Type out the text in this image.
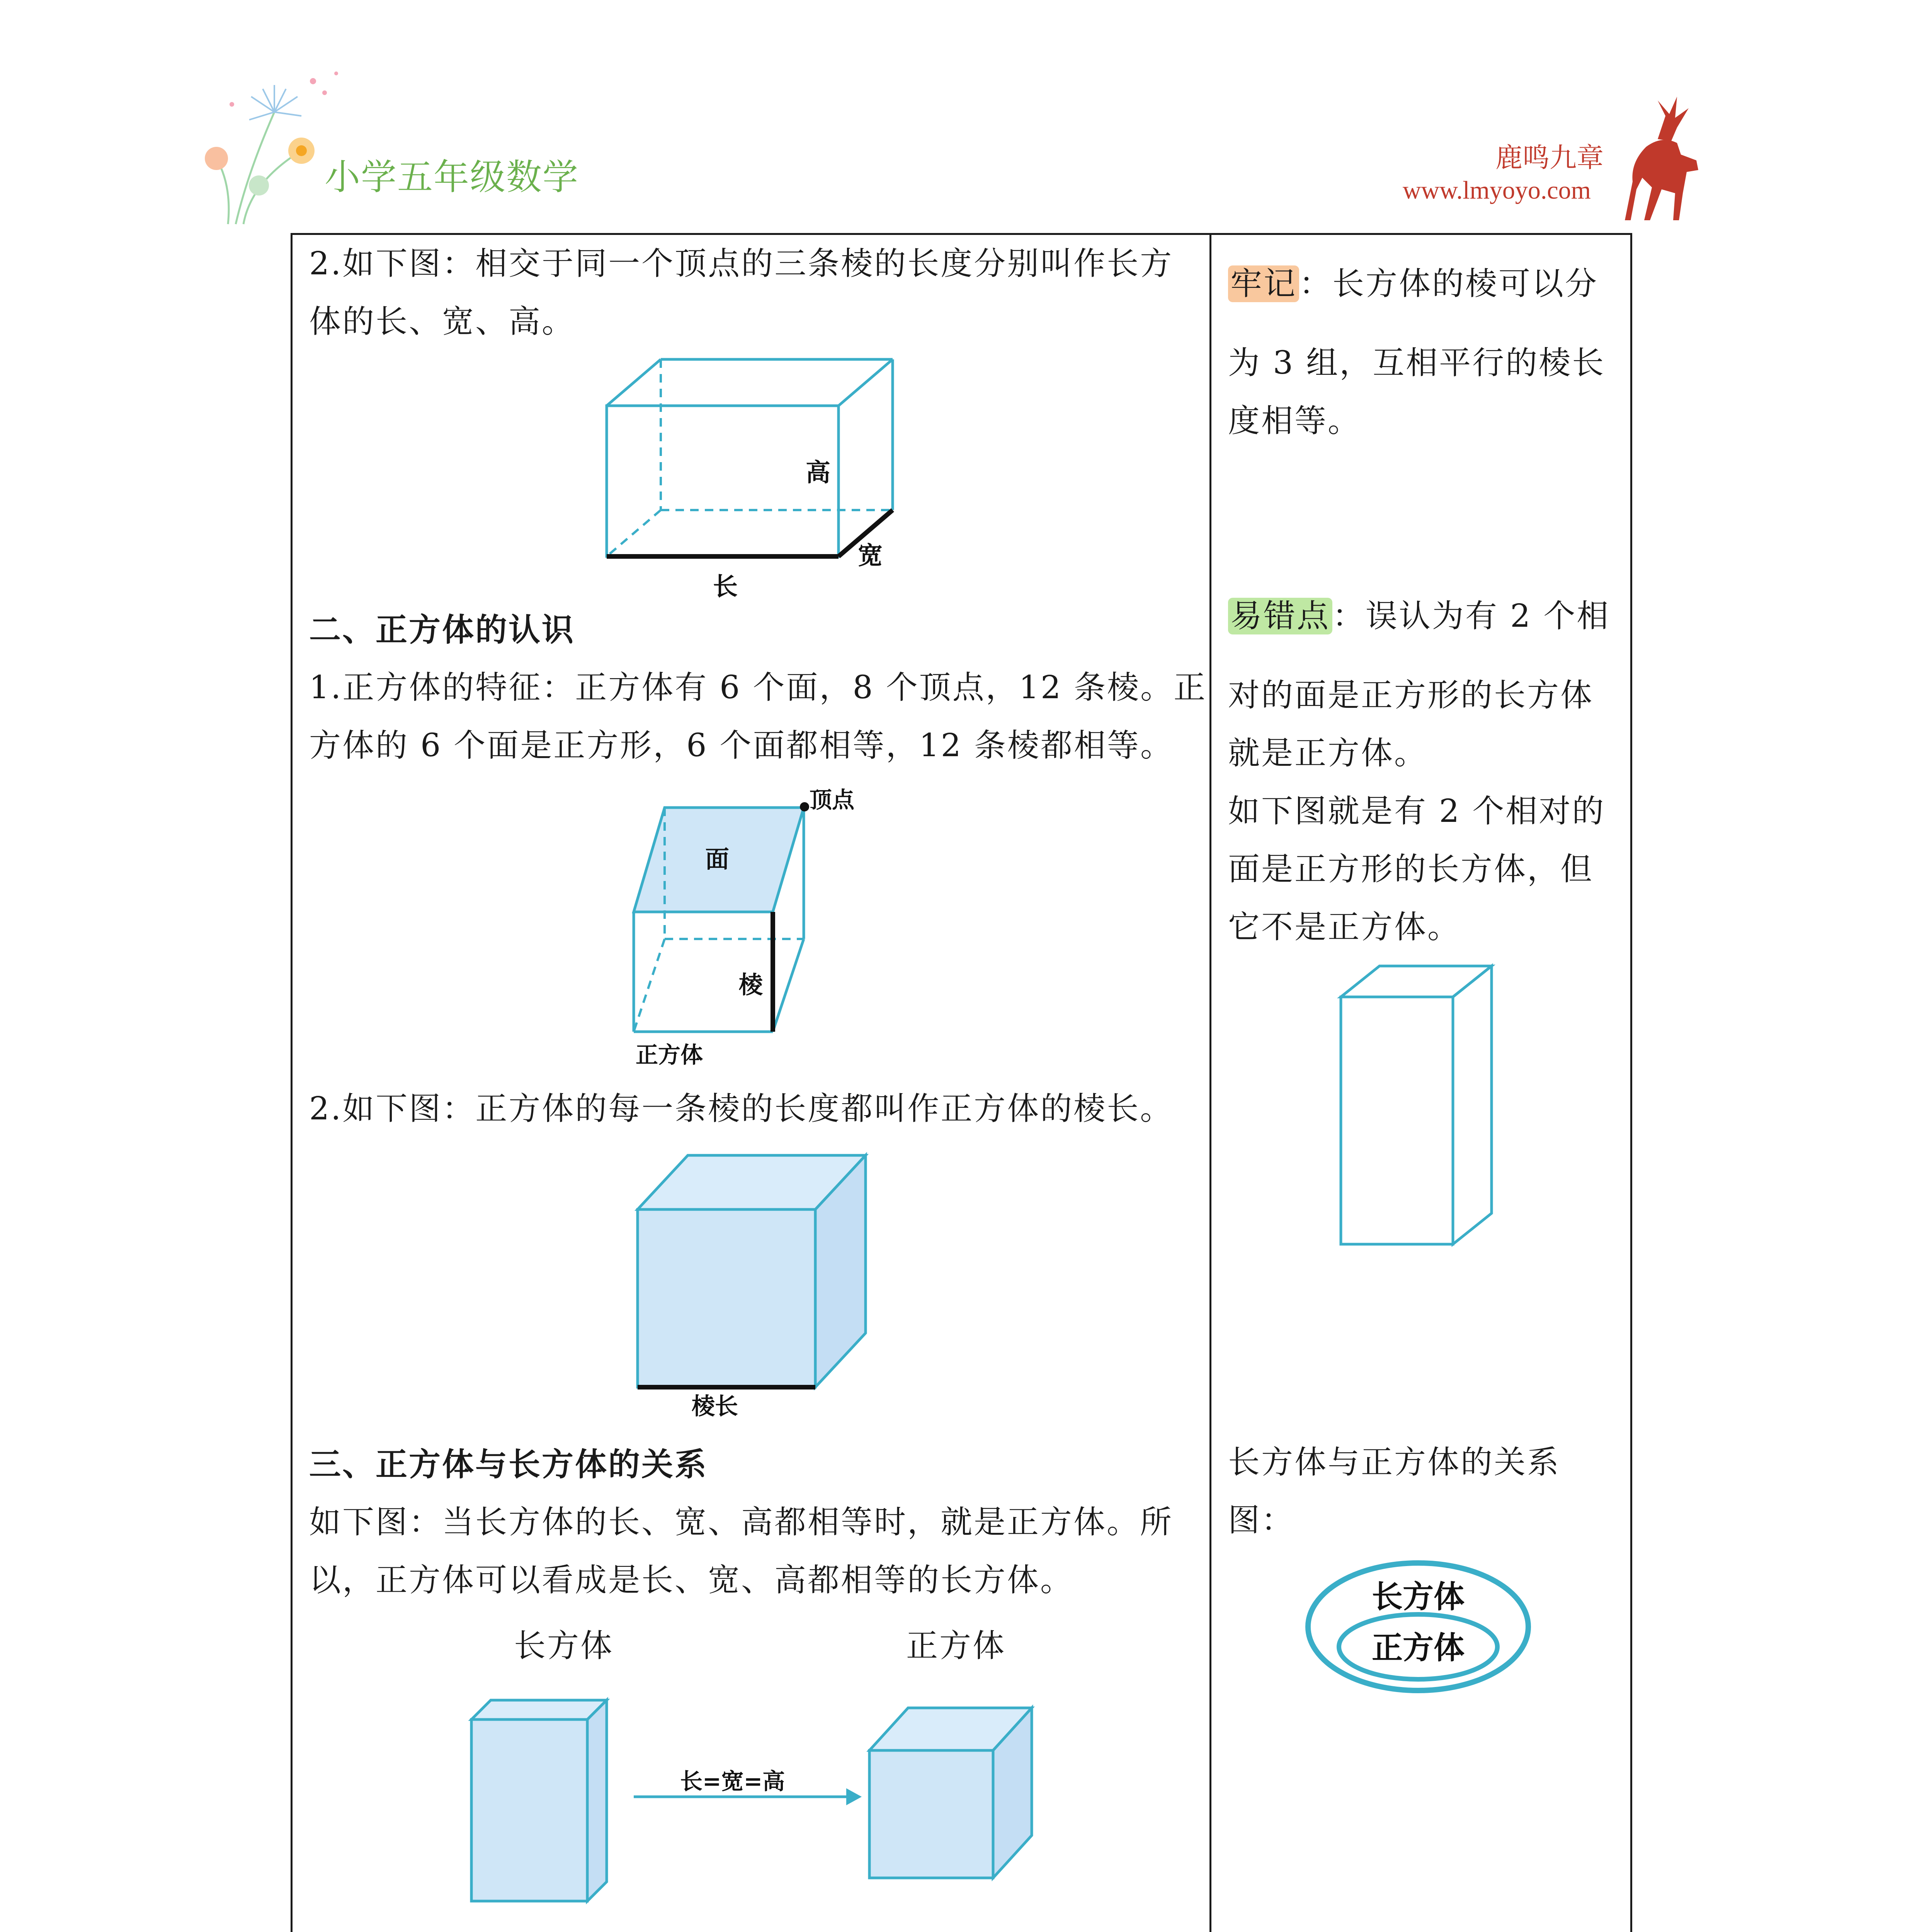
小学五年级数学	鹿鸣九章
www.lmyoyo.com
2.如下图：相交于同一个顶点的三条棱的长度分别叫作长方
体的长、宽、高。
高
宽
长
二、正方体的认识
1.正方体的特征：正方体有 6 个面，8 个顶点，12 条棱。正
方体的 6 个面是正方形，6 个面都相等，12 条棱都相等。
顶点
面
棱
正方体
2.如下图：正方体的每一条棱的长度都叫作正方体的棱长。
棱长
三、正方体与长方体的关系
如下图：当长方体的长、宽、高都相等时，就是正方体。所
以，正方体可以看成是长、宽、高都相等的长方体。
长方体	正方体
长=宽=高
牢记：长方体的棱可以分
为 3 组，互相平行的棱长
度相等。
易错点：误认为有 2 个相
对的面是正方形的长方体
就是正方体。
如下图就是有 2 个相对的
面是正方形的长方体，但
它不是正方体。
长方体与正方体的关系
图：
长方体
正方体
